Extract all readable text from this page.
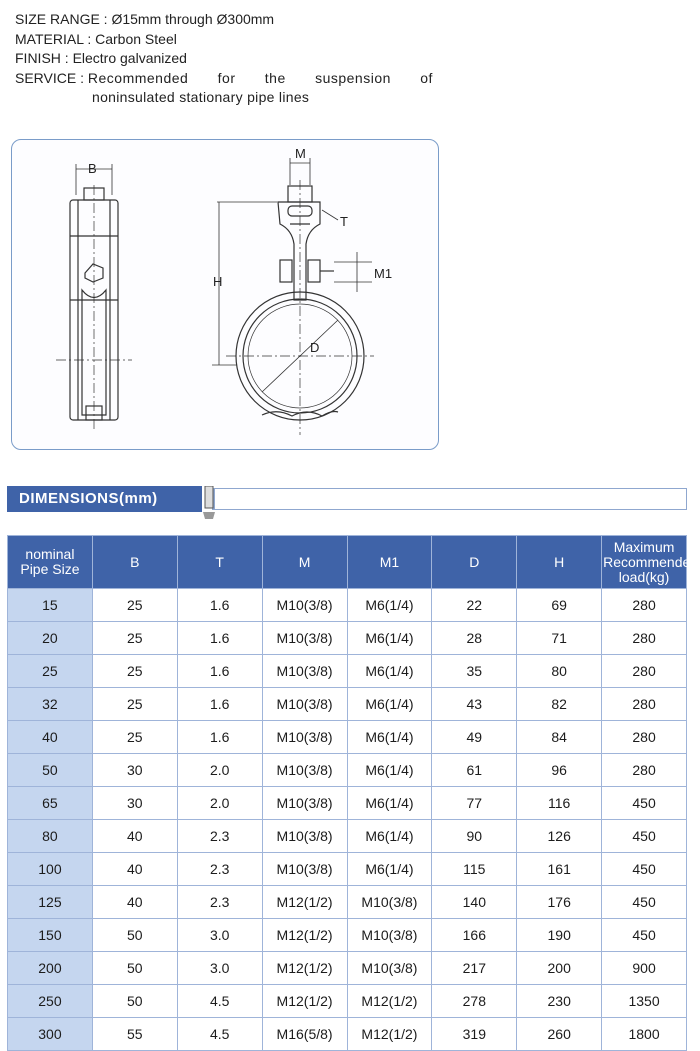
SIZE RANGE : Ø15mm through Ø300mm
MATERIAL : Carbon Steel
FINISH : Electro galvanized
SERVICE : Recommended for the suspension of
noninsulated stationary pipe lines
B
M
T
M1
H
D
DIMENSIONS(mm)
nominal
Pipe Size	B	T	M	M1	D	H	Maximum
Recommended
load(kg)
15	25	1.6	M10(3/8)	M6(1/4)	22	69	280
20	25	1.6	M10(3/8)	M6(1/4)	28	71	280
25	25	1.6	M10(3/8)	M6(1/4)	35	80	280
32	25	1.6	M10(3/8)	M6(1/4)	43	82	280
40	25	1.6	M10(3/8)	M6(1/4)	49	84	280
50	30	2.0	M10(3/8)	M6(1/4)	61	96	280
65	30	2.0	M10(3/8)	M6(1/4)	77	116	450
80	40	2.3	M10(3/8)	M6(1/4)	90	126	450
100	40	2.3	M10(3/8)	M6(1/4)	115	161	450
125	40	2.3	M12(1/2)	M10(3/8)	140	176	450
150	50	3.0	M12(1/2)	M10(3/8)	166	190	450
200	50	3.0	M12(1/2)	M10(3/8)	217	200	900
250	50	4.5	M12(1/2)	M12(1/2)	278	230	1350
300	55	4.5	M16(5/8)	M12(1/2)	319	260	1800
